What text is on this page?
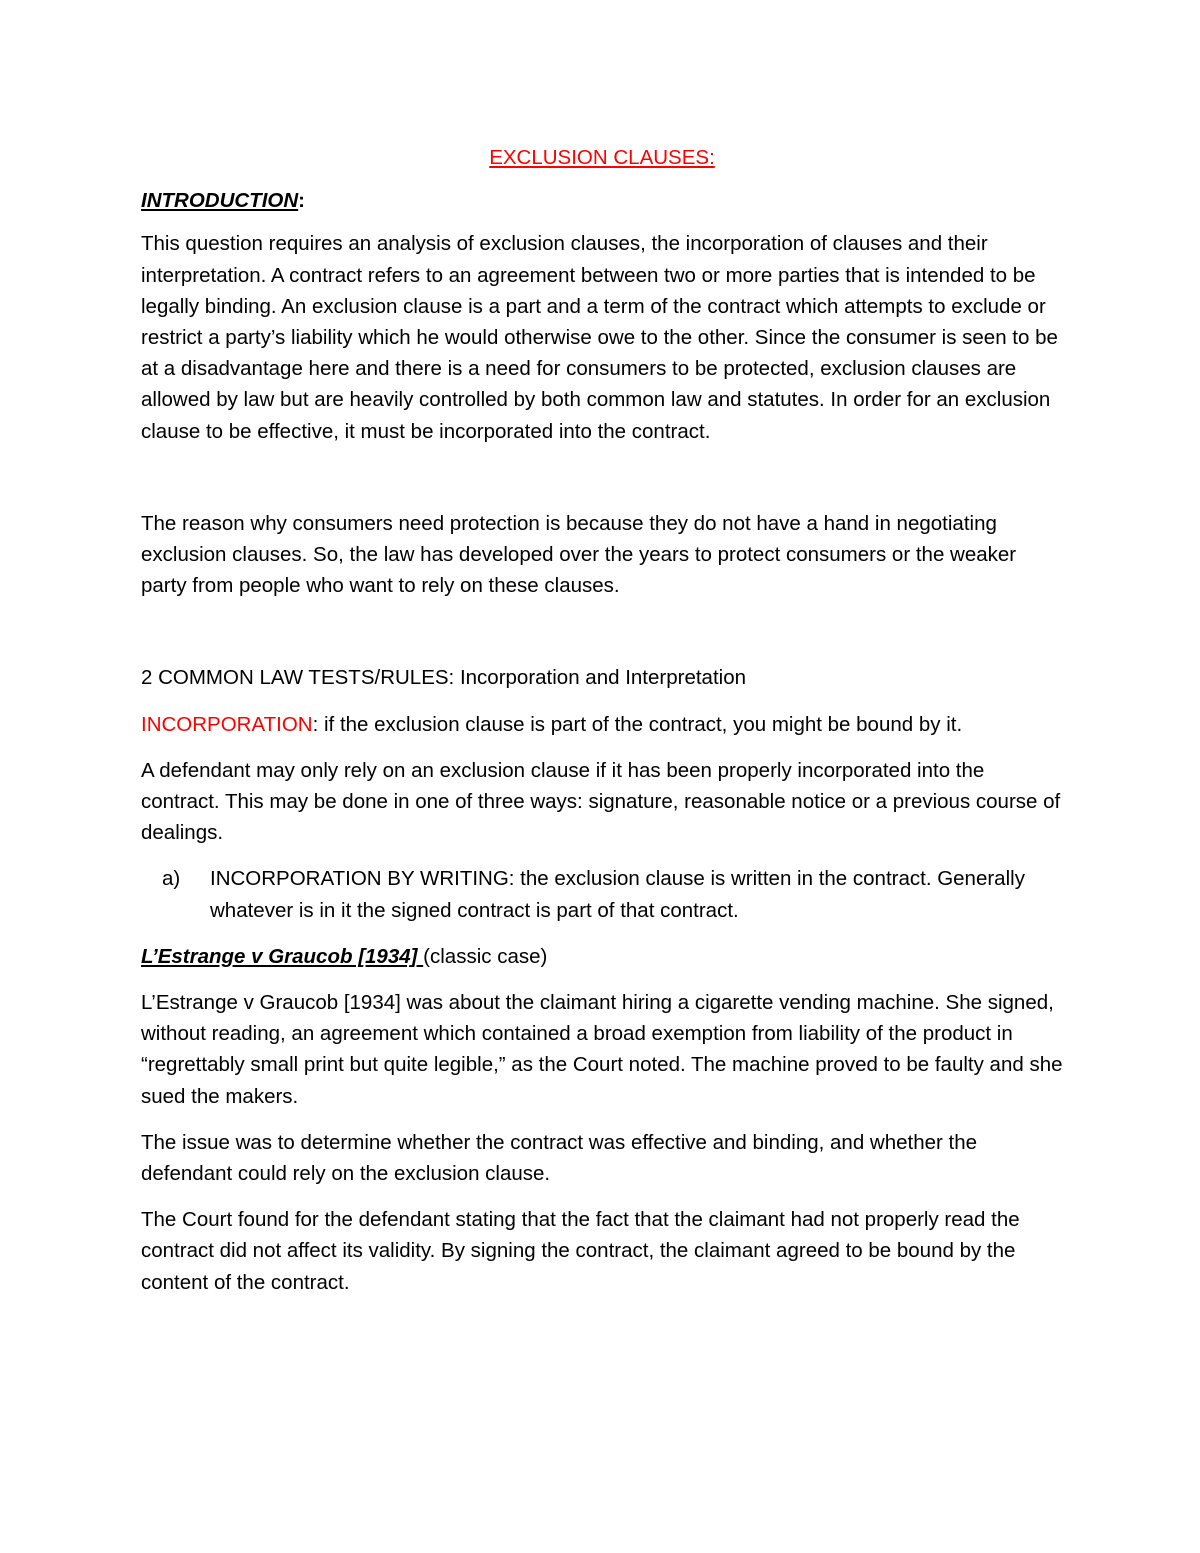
EXCLUSION CLAUSES:
INTRODUCTION:

This question requires an analysis of exclusion clauses, the incorporation of clauses and their interpretation. A contract refers to an agreement between two or more parties that is intended to be legally binding. An exclusion clause is a part and a term of the contract which attempts to exclude or restrict a party’s liability which he would otherwise owe to the other. Since the consumer is seen to be at a disadvantage here and there is a need for consumers to be protected, exclusion clauses are allowed by law but are heavily controlled by both common law and statutes. In order for an exclusion clause to be effective, it must be incorporated into the contract.

The reason why consumers need protection is because they do not have a hand in negotiating exclusion clauses. So, the law has developed over the years to protect consumers or the weaker party from people who want to rely on these clauses.

2 COMMON LAW TESTS/RULES: Incorporation and Interpretation

INCORPORATION: if the exclusion clause is part of the contract, you might be bound by it.

A defendant may only rely on an exclusion clause if it has been properly incorporated into the contract. This may be done in one of three ways: signature, reasonable notice or a previous course of dealings.

a)	INCORPORATION BY WRITING: the exclusion clause is written in the contract. Generally whatever is in it the signed contract is part of that contract.

L’Estrange v Graucob [1934] (classic case)

L’Estrange v Graucob [1934] was about the claimant hiring a cigarette vending machine. She signed, without reading, an agreement which contained a broad exemption from liability of the product in “regrettably small print but quite legible,” as the Court noted. The machine proved to be faulty and she sued the makers.

The issue was to determine whether the contract was effective and binding, and whether the defendant could rely on the exclusion clause.

The Court found for the defendant stating that the fact that the claimant had not properly read the contract did not affect its validity. By signing the contract, the claimant agreed to be bound by the content of the contract.
